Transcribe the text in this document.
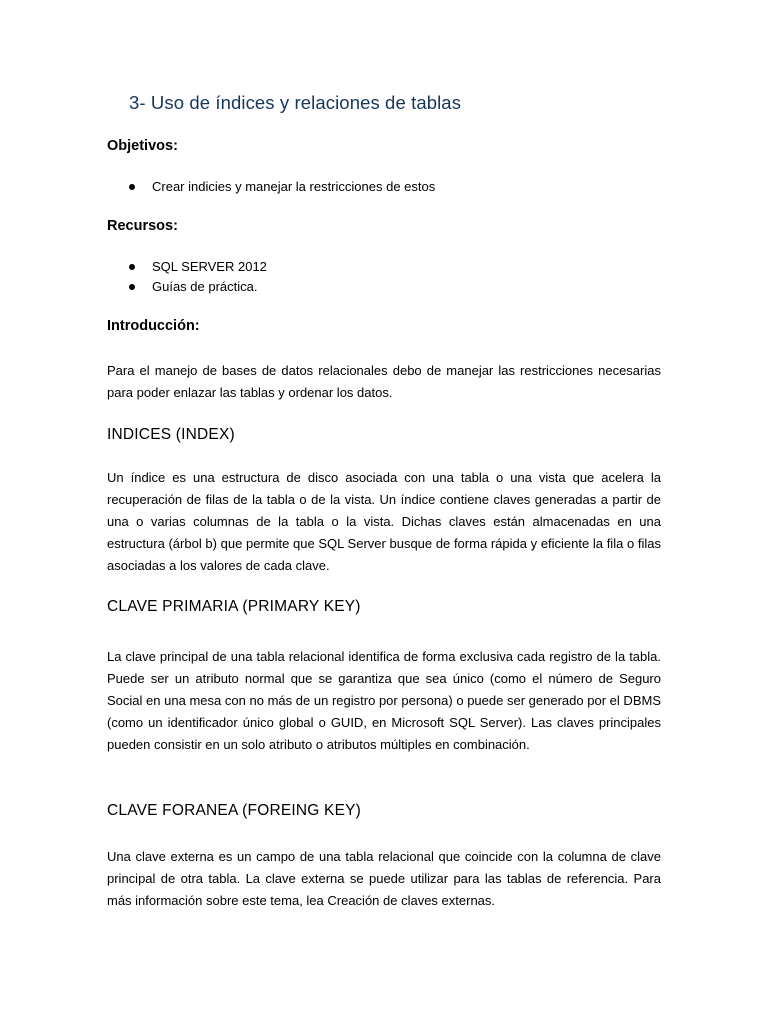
3- Uso de índices y relaciones de tablas
Objetivos:
Crear indicies y manejar la restricciones de estos
Recursos:
SQL SERVER 2012
Guías de práctica.
Introducción:

Para el manejo de bases de datos relacionales debo de manejar las restricciones necesarias para poder enlazar las tablas y ordenar los datos.

INDICES (INDEX)

Un índice es una estructura de disco asociada con una tabla o una vista que acelera la recuperación de filas de la tabla o de la vista. Un índice contiene claves generadas a partir de una o varias columnas de la tabla o la vista. Dichas claves están almacenadas en una estructura (árbol b) que permite que SQL Server busque de forma rápida y eficiente la fila o filas asociadas a los valores de cada clave.

CLAVE PRIMARIA (PRIMARY KEY)

La clave principal de una tabla relacional identifica de forma exclusiva cada registro de la tabla. Puede ser un atributo normal que se garantiza que sea único (como el número de Seguro Social en una mesa con no más de un registro por persona) o puede ser generado por el DBMS (como un identificador único global o GUID, en Microsoft SQL Server). Las claves principales pueden consistir en un solo atributo o atributos múltiples en combinación.

CLAVE FORANEA (FOREING KEY)

Una clave externa es un campo de una tabla relacional que coincide con la columna de clave principal de otra tabla. La clave externa se puede utilizar para las tablas de referencia. Para más información sobre este tema, lea Creación de claves externas.
